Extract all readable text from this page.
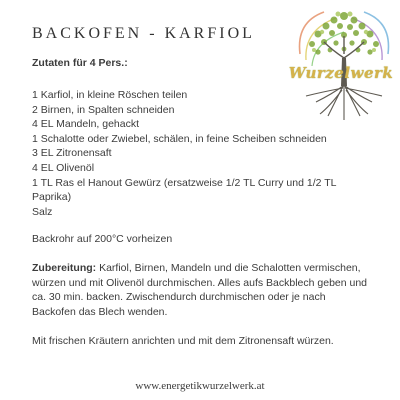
BACKOFEN - KARFIOL
Wurzelwerk

Zutaten für 4 Pers.:

1 Karfiol, in kleine Röschen teilen
2 Birnen, in Spalten schneiden
4 EL Mandeln, gehackt
1 Schalotte oder Zwiebel, schälen, in feine Scheiben schneiden
3 EL Zitronensaft
4 EL Olivenöl
1 TL Ras el Hanout Gewürz (ersatzweise 1/2 TL Curry und 1/2 TL Paprika)
Salz

Backrohr auf 200°C vorheizen

Zubereitung: Karfiol, Birnen, Mandeln und die Schalotten vermischen, würzen und mit Olivenöl durchmischen. Alles aufs Backblech geben und ca. 30 min. backen. Zwischendurch durchmischen oder je nach Backofen das Blech wenden.

Mit frischen Kräutern anrichten und mit dem Zitronensaft würzen.

www.energetikwurzelwerk.at
